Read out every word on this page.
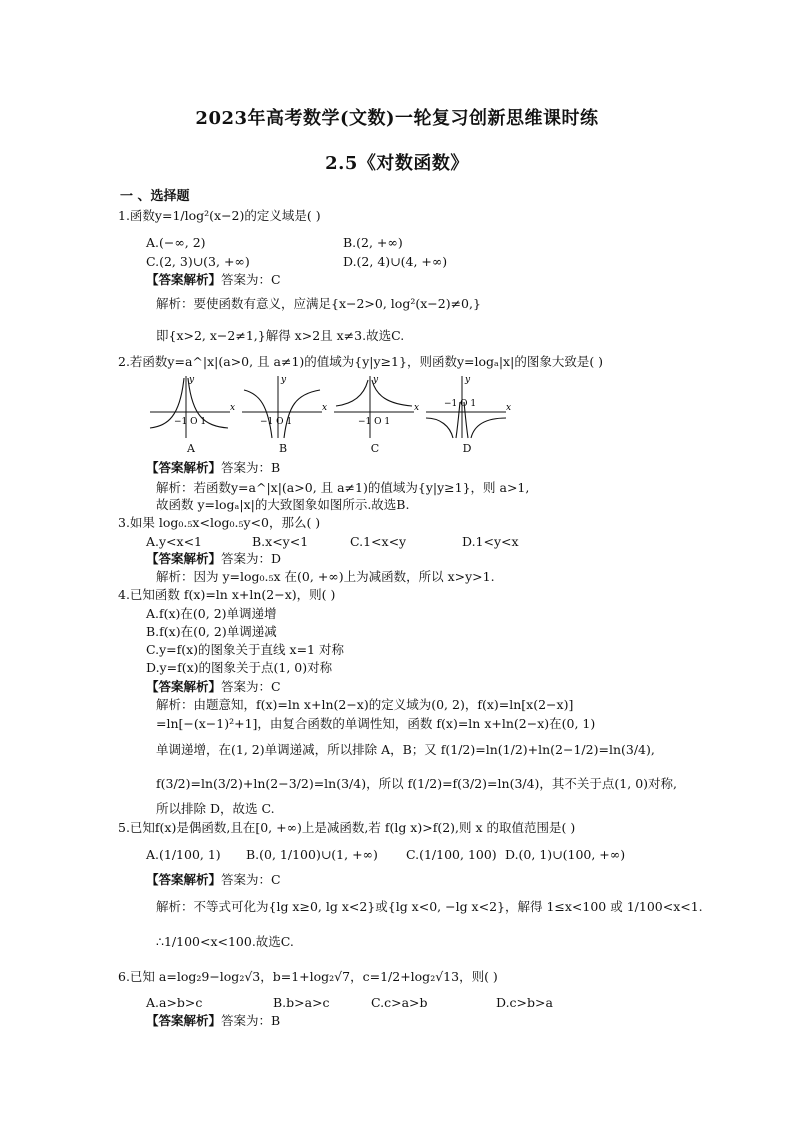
2023年高考数学(文数)一轮复习创新思维课时练
2.5《对数函数》
一 、选择题
1.函数y=1/log²(x−2)的定义域是( )
A.(−∞, 2)	B.(2, +∞)
C.(2, 3)∪(3, +∞)	D.(2, 4)∪(4, +∞)
【答案解析】答案为：C
解析：要使函数有意义，应满足{x−2>0, log²(x−2)≠0,}
即{x>2, x−2≠1,}解得 x>2且 x≠3.故选C.
2.若函数y=a^|x|(a>0, 且 a≠1)的值域为{y|y≥1}，则函数y=logₐ|x|的图象大致是( )
−1 O 1
x
y
A
−1 O 1
x
y
B
−1 O 1
x
y
C
−1 O 1	x
y
D
【答案解析】答案为：B
解析：若函数y=a^|x|(a>0, 且 a≠1)的值域为{y|y≥1}，则 a>1,
故函数 y=logₐ|x|的大致图象如图所示.故选B.
3.如果 log₀.₅x<log₀.₅y<0，那么( )
A.y<x<1	B.x<y<1	C.1<x<y	D.1<y<x
【答案解析】答案为：D
解析：因为 y=log₀.₅x 在(0, +∞)上为减函数，所以 x>y>1.
4.已知函数 f(x)=ln x+ln(2−x)，则( )
A.f(x)在(0, 2)单调递增
B.f(x)在(0, 2)单调递减
C.y=f(x)的图象关于直线 x=1 对称
D.y=f(x)的图象关于点(1, 0)对称
【答案解析】答案为：C
解析：由题意知，f(x)=ln x+ln(2−x)的定义域为(0, 2)，f(x)=ln[x(2−x)]
=ln[−(x−1)²+1]，由复合函数的单调性知，函数 f(x)=ln x+ln(2−x)在(0, 1)
单调递增，在(1, 2)单调递减，所以排除 A，B；又 f(1/2)=ln(1/2)+ln(2−1/2)=ln(3/4),
f(3/2)=ln(3/2)+ln(2−3/2)=ln(3/4)，所以 f(1/2)=f(3/2)=ln(3/4)，其不关于点(1, 0)对称,
所以排除 D，故选 C.
5.已知f(x)是偶函数,且在[0, +∞)上是减函数,若 f(lg x)>f(2),则 x 的取值范围是( )
A.(1/100, 1) B.(0, 1/100)∪(1, +∞) C.(1/100, 100) D.(0, 1)∪(100, +∞)
【答案解析】答案为：C
解析：不等式可化为{lg x≥0, lg x<2}或{lg x<0, −lg x<2}，解得 1≤x<100 或 1/100<x<1.
∴1/100<x<100.故选C.
6.已知 a=log₂9−log₂√3，b=1+log₂√7，c=1/2+log₂√13，则( )
A.a>b>c	B.b>a>c	C.c>a>b	D.c>b>a
【答案解析】答案为：B
